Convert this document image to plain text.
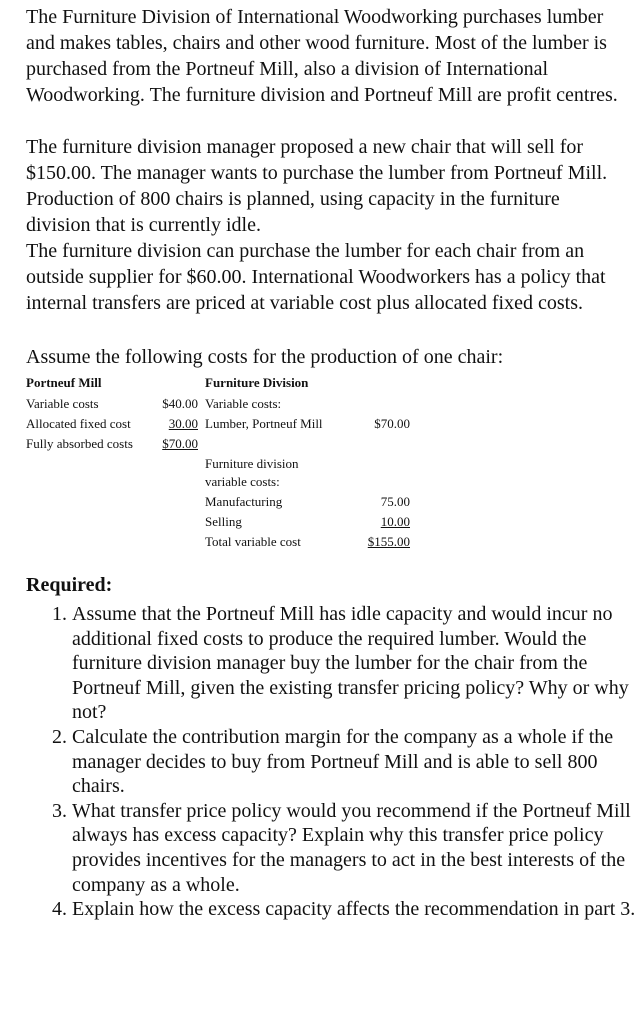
The Furniture Division of International Woodworking purchases lumber and makes tables, chairs and other wood furniture. Most of the lumber is purchased from the Portneuf Mill, also a division of International Woodworking. The furniture division and Portneuf Mill are profit centres.

The furniture division manager proposed a new chair that will sell for $150.00. The manager wants to purchase the lumber from Portneuf Mill. Production of 800 chairs is planned, using capacity in the furniture division that is currently idle.

The furniture division can purchase the lumber for each chair from an outside supplier for $60.00. International Woodworkers has a policy that internal transfers are priced at variable cost plus allocated fixed costs.

Assume the following costs for the production of one chair:

Portneuf Mill	Furniture Division
Variable costs	$40.00
Allocated fixed cost	30.00
Fully absorbed costs	$70.00
Variable costs:
Lumber, Portneuf Mill	$70.00
Furniture division
variable costs:
Manufacturing	75.00
Selling	10.00
Total variable cost	$155.00
Required:
1. Assume that the Portneuf Mill has idle capacity and would incur no additional fixed costs to produce the required lumber. Would the furniture division manager buy the lumber for the chair from the Portneuf Mill, given the existing transfer pricing policy? Why or why not?
2. Calculate the contribution margin for the company as a whole if the manager decides to buy from Portneuf Mill and is able to sell 800 chairs.
3. What transfer price policy would you recommend if the Portneuf Mill always has excess capacity? Explain why this transfer price policy provides incentives for the managers to act in the best interests of the company as a whole.
4. Explain how the excess capacity affects the recommendation in part 3.
